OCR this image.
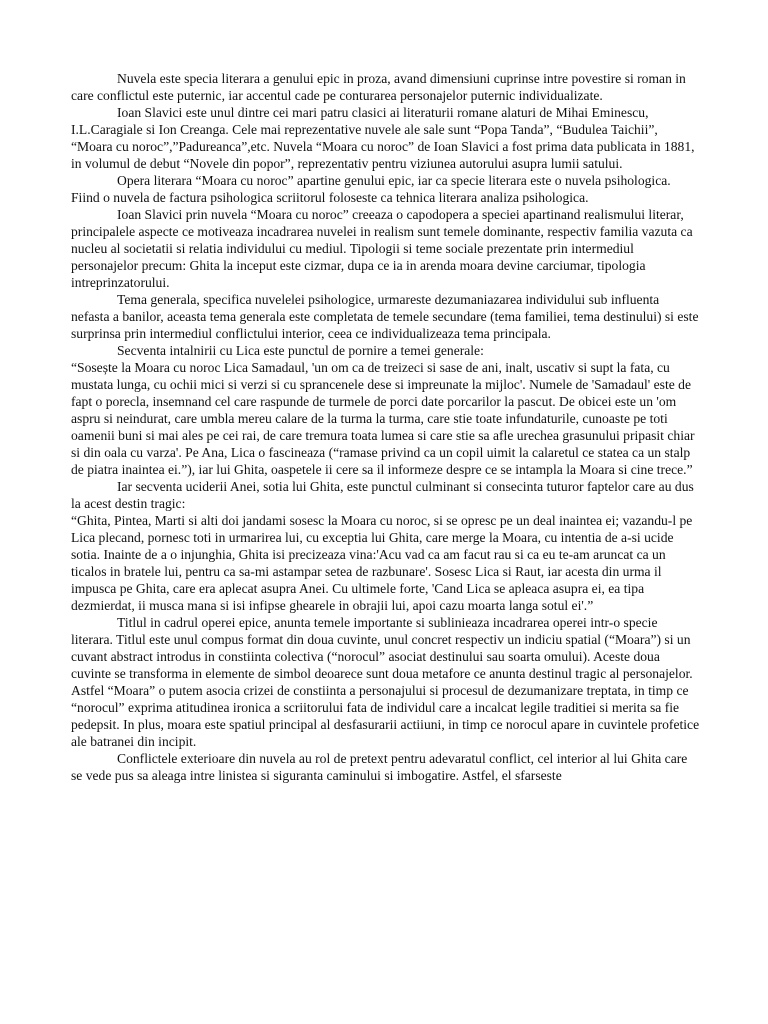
Nuvela este specia literara a genului epic in proza, avand dimensiuni cuprinse intre povestire si roman in care conflictul este puternic, iar accentul cade pe conturarea personajelor puternic individualizate.

Ioan Slavici este unul dintre cei mari patru clasici ai literaturii romane alaturi de Mihai Eminescu, I.L.Caragiale si Ion Creanga. Cele mai reprezentative nuvele ale sale sunt “Popa Tanda”, “Budulea Taichii”, “Moara cu noroc”,”Padureanca”,etc. Nuvela “Moara cu noroc” de Ioan Slavici a fost prima data publicata in 1881, in volumul de debut “Novele din popor”, reprezentativ pentru viziunea autorului asupra lumii satului.

Opera literara “Moara cu noroc” apartine genului epic, iar ca specie literara este o nuvela psihologica. Fiind o nuvela de factura psihologica scriitorul foloseste ca tehnica literara analiza psihologica.

Ioan Slavici prin nuvela “Moara cu noroc” creeaza o capodopera a speciei apartinand realismului literar, principalele aspecte ce motiveaza incadrarea nuvelei in realism sunt temele dominante, respectiv familia vazuta ca nucleu al societatii si relatia individului cu mediul. Tipologii si teme sociale prezentate prin intermediul personajelor precum: Ghita la inceput este cizmar, dupa ce ia in arenda moara devine carciumar, tipologia intreprinzatorului.

Tema generala, specifica nuvelelei psihologice, urmareste dezumaniazarea individului sub influenta nefasta a banilor, aceasta tema generala este completata de temele secundare (tema familiei, tema destinului) si este surprinsa prin intermediul conflictului interior, ceea ce individualizeaza tema principala.

Secventa intalnirii cu Lica este punctul de pornire a temei generale:

“Sosește la Moara cu noroc Lica Samadaul, 'un om ca de treizeci si sase de ani, inalt, uscativ si supt la fata, cu mustata lunga, cu ochii mici si verzi si cu sprancenele dese si impreunate la mijloc'. Numele de 'Samadaul' este de fapt o porecla, insemnand cel care raspunde de turmele de porci date porcarilor la pascut. De obicei este un 'om aspru si neindurat, care umbla mereu calare de la turma la turma, care stie toate infundaturile, cunoaste pe toti oamenii buni si mai ales pe cei rai, de care tremura toata lumea si care stie sa afle urechea grasunului pripasit chiar si din oala cu varza'. Pe Ana, Lica o fascineaza (“ramase privind ca un copil uimit la calaretul ce statea ca un stalp de piatra inaintea ei.”), iar lui Ghita, oaspetele ii cere sa il informeze despre ce se intampla la Moara si cine trece.”

Iar secventa uciderii Anei, sotia lui Ghita, este punctul culminant si consecinta tuturor faptelor care au dus la acest destin tragic:

“Ghita, Pintea, Marti si alti doi jandami sosesc la Moara cu noroc, si se opresc pe un deal inaintea ei; vazandu-l pe Lica plecand, pornesc toti in urmarirea lui, cu exceptia lui Ghita, care merge la Moara, cu intentia de a-si ucide sotia. Inainte de a o injunghia, Ghita isi precizeaza vina:'Acu vad ca am facut rau si ca eu te-am aruncat ca un ticalos in bratele lui, pentru ca sa-mi astampar setea de razbunare'. Sosesc Lica si Raut, iar acesta din urma il impusca pe Ghita, care era aplecat asupra Anei. Cu ultimele forte, 'Cand Lica se apleaca asupra ei, ea tipa dezmierdat, ii musca mana si isi infipse ghearele in obrajii lui, apoi cazu moarta langa sotul ei'.”

Titlul in cadrul operei epice, anunta temele importante si sublinieaza incadrarea operei intr-o specie literara. Titlul este unul compus format din doua cuvinte, unul concret respectiv un indiciu spatial (“Moara”) si un cuvant abstract introdus in constiinta colectiva (“norocul” asociat destinului sau soarta omului). Aceste doua cuvinte se transforma in elemente de simbol deoarece sunt doua metafore ce anunta destinul tragic al personajelor. Astfel “Moara” o putem asocia crizei de constiinta a personajului si procesul de dezumanizare treptata, in timp ce “norocul” exprima atitudinea ironica a scriitorului fata de individul care a incalcat legile traditiei si merita sa fie pedepsit. In plus, moara este spatiul principal al desfasurarii actiiuni, in timp ce norocul apare in cuvintele profetice ale batranei din incipit.

Conflictele exterioare din nuvela au rol de pretext pentru adevaratul conflict, cel interior al lui Ghita care se vede pus sa aleaga intre linistea si siguranta caminului si imbogatire. Astfel, el sfarseste
